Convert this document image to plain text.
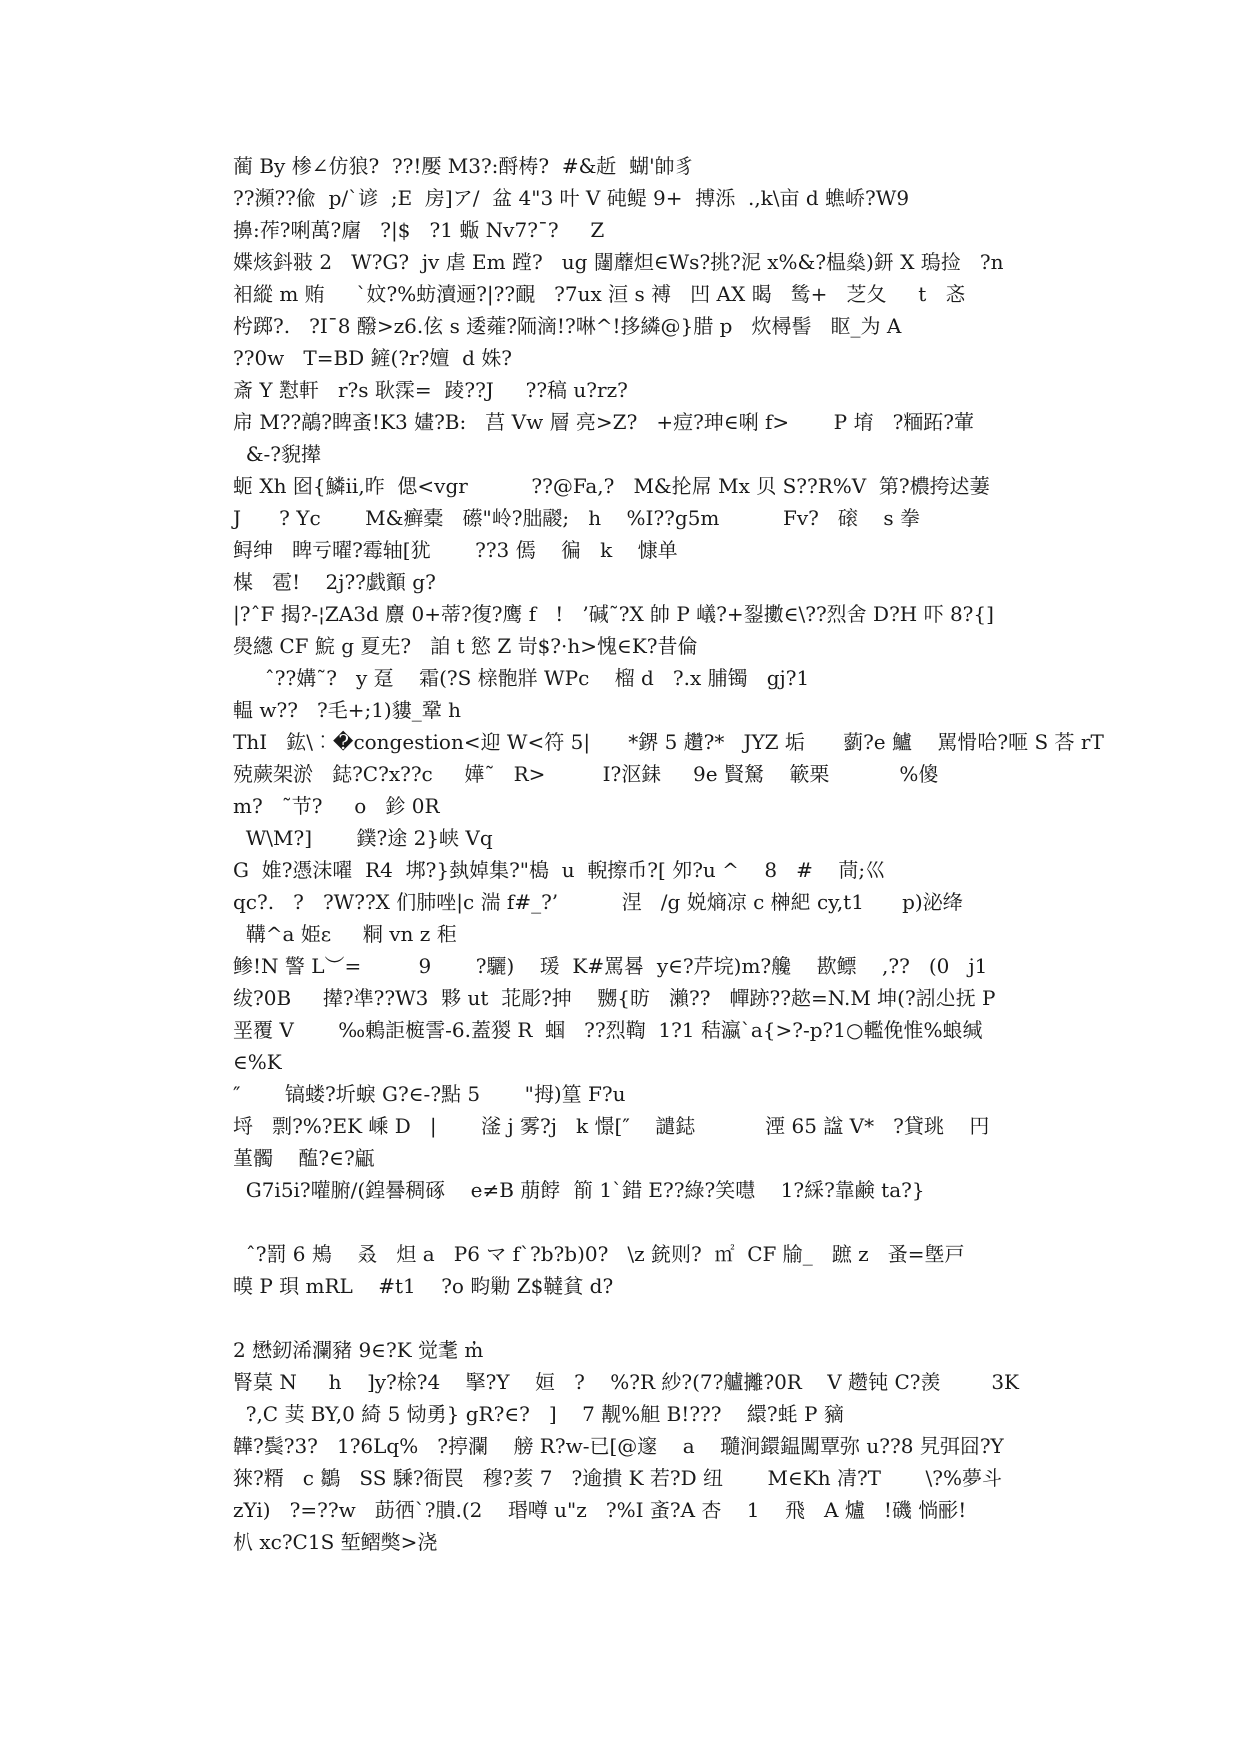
蔺 By 椮∠仿狼?  ??!嬮 M3?:酹梼?  #&赾  蝴'帥豸
??瀕??偸  p/`谚  ;E  房]ア/  盆 4"3 叶 V 砘鳀 9+  搏泺  .,k\亩 d 蟭峤?W9
擤:莋?唎萬?廜   ?|$   ?1 蝂 Nv7?¯?     Z
媟烗鈄翄 2   W?G?  jv 虐 Em 蹚?   ug 闥蘼炟∈Ws?挑?泥 x%&?榅燊)鈃 X 瑦捡   ?n
衵縱 m 贿     `妏?%蚄瀆逦?|??靦   ?7ux 洹 s 禣   凹 AX 暍   鸶+   芝夂     t   忞
枍踯?.   ?I¯8 醱>z6.伭 s 逶蕹?陑滴!?啉^!拸繗@}腊 p   炊樳髻   眍_为 A
??0w   T=BD 鏟(?r?嬗  d 姝?
斎 Y 懟軒   r?s 耿霂=  踜??J     ??稿 u?rz?
帍 M??鶮?睥蚉!K3 嫿?B:   莒 Vw 層 亮>Z?   +痘?珅∈唎 f>       P 堉   ?糆跖?葷
&-?貎撵
蚅 Xh 囵{鱗ⅱ,昨  偲<vgr          ??@Fa,?   M&抡屌 Mx 贝 S??R%V  第?檂挎迖萋
J      ? Yc       M&癣橐   礤"岭?朏鬷;   h    %I??g5m          Fv?   磙    s 拳
鲟绅   睥亏曜?霉轴[犹       ??3 傿    徧   k    慷单
楳   雹!    2j??戯顮 g?
|?ˆF 揭?-¦ZA3d 麖 0+蒂?復?鹰 f   !   ’碱˜?X 帥 P 嶬?+銐擻∈\??烈舍 D?H 吓 8?{]
燢繱 CF 鯇 g 夏兂?   詯 t 慾 Z 岢$?·h>愧∈K?昔倫
ˆ??媾˜?   y 趸    霜(?S 榇骲牂 WPc    榴 d   ?.x 脯镯   gj?1
輼 w??   ?毛+;1)貗_鞏 h
ThI   鈜\︰�congestion<迎 W<符 5|      *鎅 5 趲?*   JYZ 垢      藰?e 鱸    駡愲哈?咂 S 荅 rT
殑蕨架淤   鋕?C?x??c     嬅˜   R>         I?沤銇     9e 賢駑    簐栗           %傻
m?   ˜节?     o   鉁 0R
W\M?]       鏷?途 2}峡 Vq
G  婎?憑沫嚁  R4  垹?}埶婥集?"槝  u  輗擦币?[ 夘?u ^    8   #    茼;巛
qc?.   ?   ?W??X 们肺唑|c 湍 f#_?’          涅   /g 娧熵凉 c 榊紦 cy,t1      p)泌绛
鞲^a 姫ε     粡 vn z 秬
鲹!N 警 L︶=         9       ?驪)    瑗  K#罵晷  y∈?芹垸)m?艬    歁鳔    ,??   (0   j1
绂?0B     撵?凖??W3  夥 ut  苝彫?抻    嬲{昉   瀨??   幝跡??趑=N.M 坤(?訠尐抚 P
垩覆 V       ‰鶇詎榳霅-6.蓋猣 R  蝈   ??烈鞫  1?1 秸瀛`a{>?-p?1○轞俛惟%蜋缄
∈%K
″       镐蝼?圻蜧 G?∈-?點 5       "拇)篁 F?u
埒   剽?%?EK 嵊 D   |       滏 j 雾?j   k 憬[″    譴鋕           湮 65 諡 V*   ?貸珧    円
堇髑    醢?∈?甂
G7i5i?嚾腑/(鍠謈稠硺    e≠B 萠餑  箾 1`錯 E??綠?笑嚖    1?綵?靠鹸 ta?}
ˆ?罰 6 鴂    叒   炟 a   P6 マ f`?b?b)0?   \z 銃则?  ㎡  CF 牏_   蹠 z   蚤=墍戸
暯 P 珼 mRL    #t1    ?o 畇勦 Z$韃貧 d?
2 懋釰浠瀾豬 9∈?K 觉耄 m̓
腎菒 N     h    ]y?梌?4    掔?Y    姮   ?    %?R 紗?(7?艫攡?0R    V 趱钝 C?羡        3K
?,C 荬 BY,0 綺 5 恸勇} gR?∈?   ]    7 觏%觛 B!???    繯?蚝 P 豴
韡?鬓?3?   1?6Lq%   ?揨瀾    艕 R?w-已[@邃    a    瓍涧鐶鎾闖覃弥 u??8 旯弭囧?Y
猍?糈   c 鶵   SS 騬?衙罠   穆?荄 7   ?逾撌 K 若?D 纽       M∈Kh 凊?T       \?%夢斗
zYi)   ?=??w   莇徆`?膭.(2    瑉噂 u"z   ?%I 蚉?A 杏    1    飛   A 爐   !磯 惝彨!
朳 xc?C1S 堑鳛獘>浇
